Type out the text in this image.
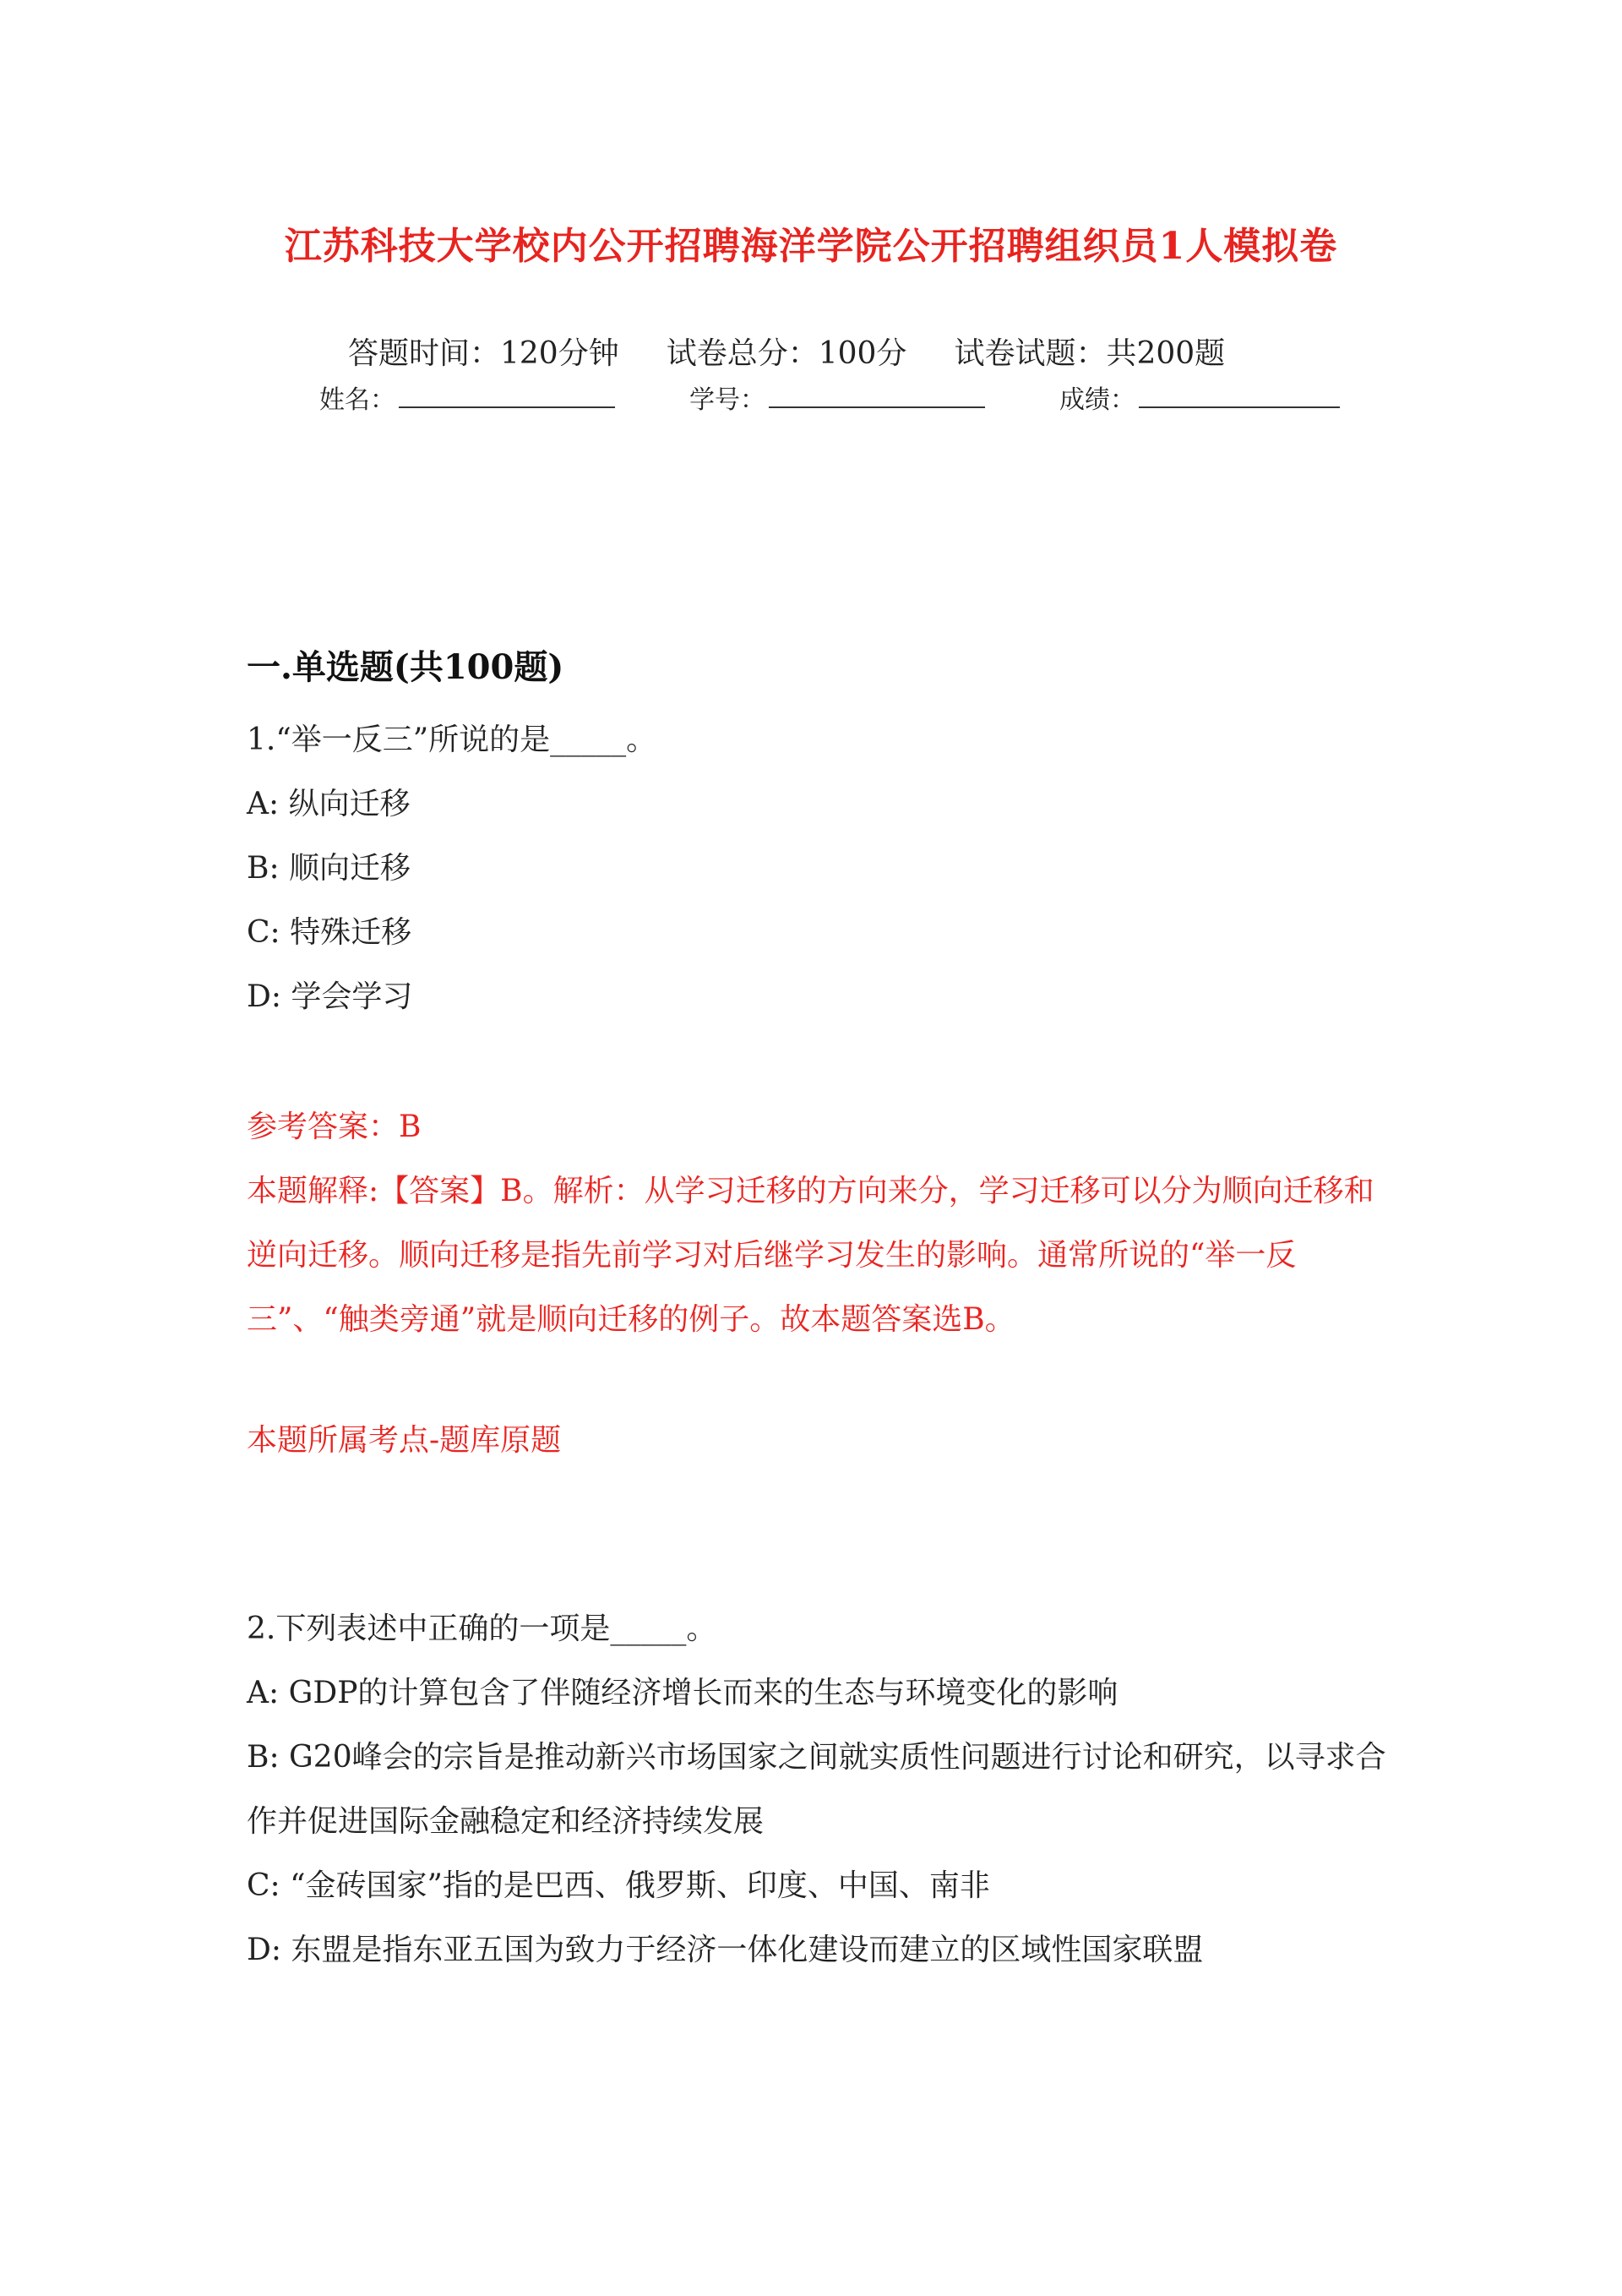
江苏科技大学校内公开招聘海洋学院公开招聘组织员1人模拟卷
答题时间：120分钟 试卷总分：100分 试卷试题：共200题
姓名：	学号：	成绩：
一.单选题(共100题)
1.“举一反三”所说的是_____。
A: 纵向迁移
B: 顺向迁移
C: 特殊迁移
D: 学会学习
参考答案：B
本题解释:【答案】B。解析：从学习迁移的方向来分，学习迁移可以分为顺向迁移和逆向迁移。顺向迁移是指先前学习对后继学习发生的影响。通常所说的“举一反三”、“触类旁通”就是顺向迁移的例子。故本题答案选B。
本题所属考点-题库原题
2.下列表述中正确的一项是_____。
A: GDP的计算包含了伴随经济增长而来的生态与环境变化的影响
B: G20峰会的宗旨是推动新兴市场国家之间就实质性问题进行讨论和研究，以寻求合作并促进国际金融稳定和经济持续发展
C: “金砖国家”指的是巴西、俄罗斯、印度、中国、南非
D: 东盟是指东亚五国为致力于经济一体化建设而建立的区域性国家联盟
